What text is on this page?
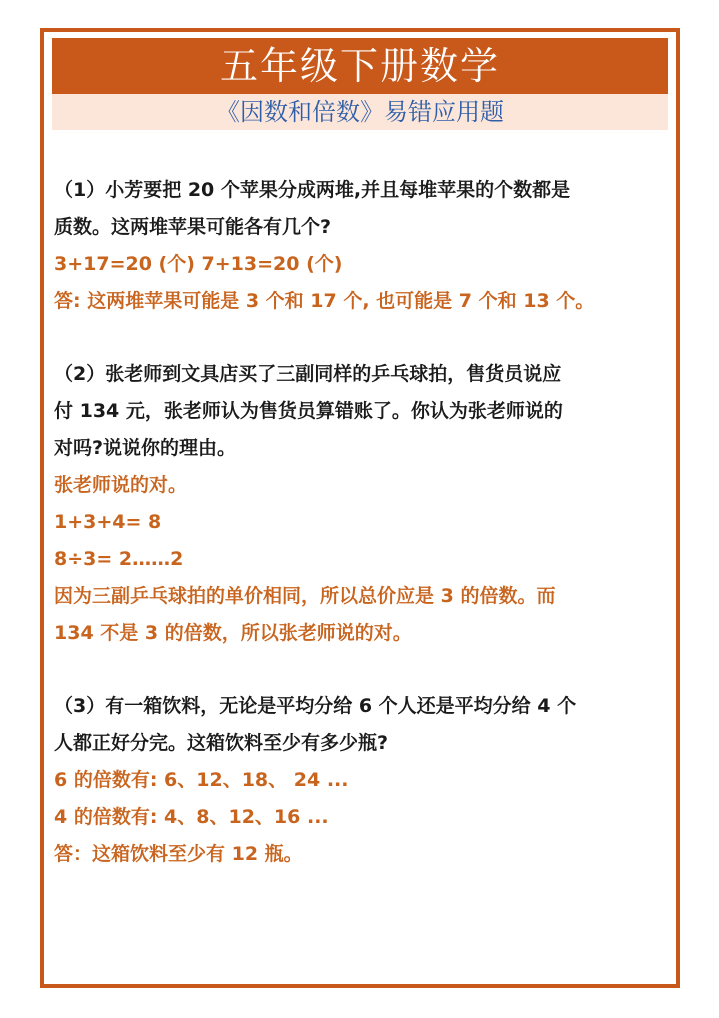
五年级下册数学
《因数和倍数》易错应用题
（1）小芳要把 20 个苹果分成两堆,并且每堆苹果的个数都是
质数。这两堆苹果可能各有几个?
3+17=20 (个) 7+13=20 (个)
答: 这两堆苹果可能是 3 个和 17 个, 也可能是 7 个和 13 个。
（2）张老师到文具店买了三副同样的乒乓球拍，售货员说应
付 134 元，张老师认为售货员算错账了。你认为张老师说的
对吗?说说你的理由。
张老师说的对。
1+3+4= 8
8÷3= 2……2
因为三副乒乓球拍的单价相同，所以总价应是 3 的倍数。而
134 不是 3 的倍数，所以张老师说的对。
（3）有一箱饮料，无论是平均分给 6 个人还是平均分给 4 个
人都正好分完。这箱饮料至少有多少瓶?
6 的倍数有: 6、12、18、 24 ...
4 的倍数有: 4、8、12、16 ...
答：这箱饮料至少有 12 瓶。
